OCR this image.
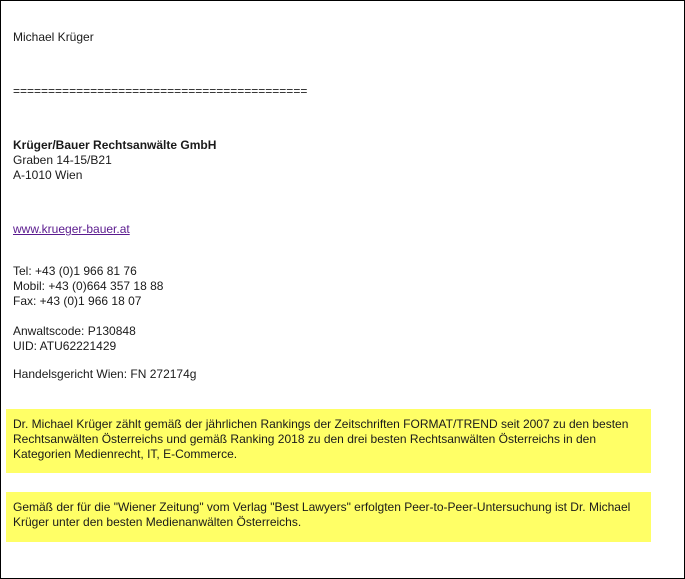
Michael Krüger
==========================================
Krüger/Bauer Rechtsanwälte GmbH
Graben 14-15/B21
A-1010 Wien
www.krueger-bauer.at
Tel: +43 (0)1 966 81 76
Mobil: +43 (0)664 357 18 88
Fax: +43 (0)1 966 18 07
Anwaltscode: P130848
UID: ATU62221429
Handelsgericht Wien: FN 272174g
Dr. Michael Krüger zählt gemäß der jährlichen Rankings der Zeitschriften FORMAT/TREND seit 2007 zu den besten Rechtsanwälten Österreichs und gemäß Ranking 2018 zu den drei besten Rechtsanwälten Österreichs in den Kategorien Medienrecht, IT, E-Commerce.
Gemäß der für die "Wiener Zeitung" vom Verlag "Best Lawyers" erfolgten Peer-to-Peer-Untersuchung ist Dr. Michael Krüger unter den besten Medienanwälten Österreichs.
